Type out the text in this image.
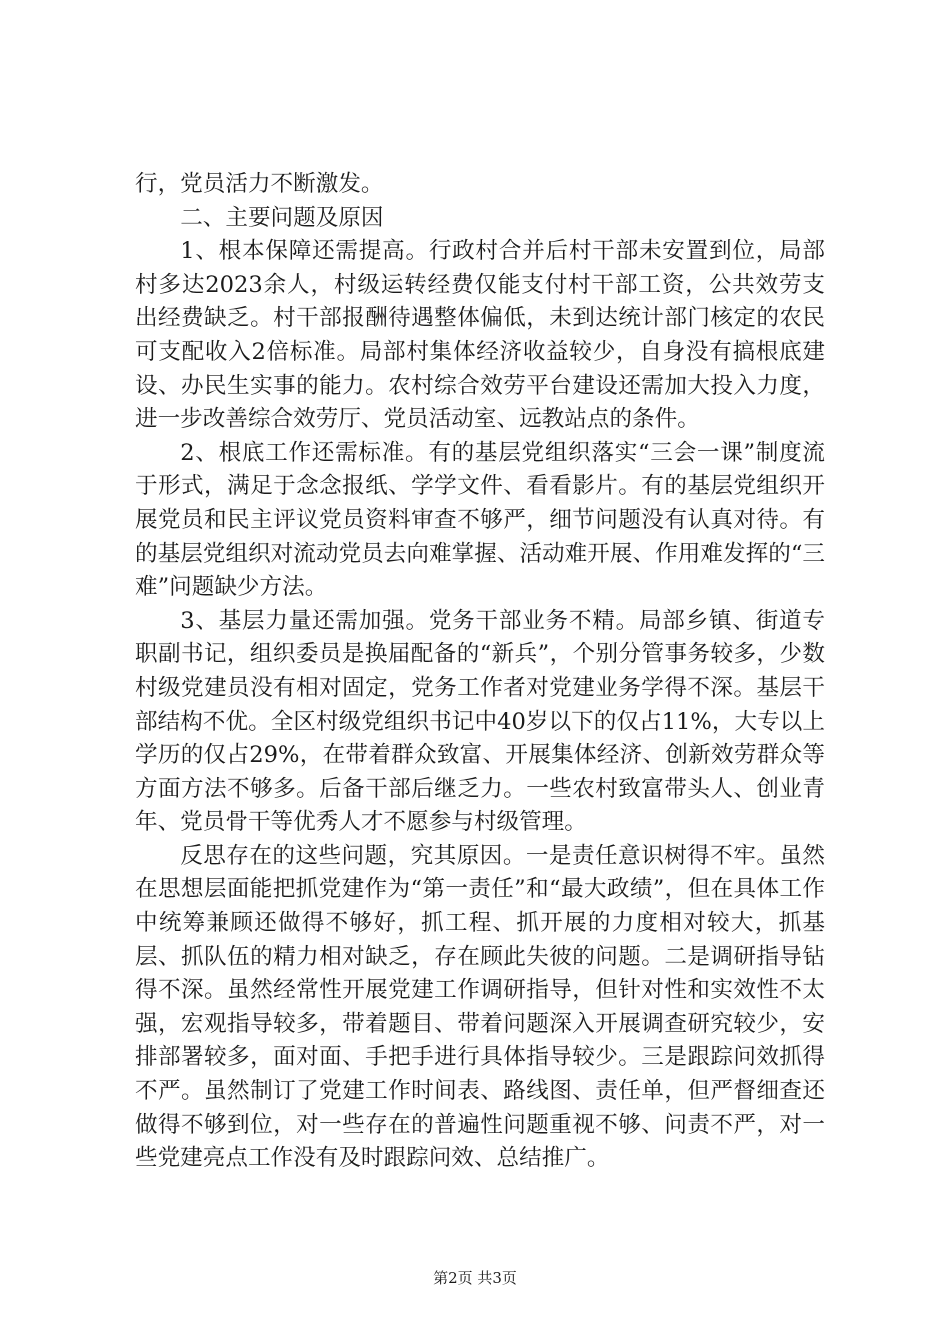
行，党员活力不断激发。

二、主要问题及原因

1、根本保障还需提高。行政村合并后村干部未安置到位，局部村多达2023余人，村级运转经费仅能支付村干部工资，公共效劳支出经费缺乏。村干部报酬待遇整体偏低，未到达统计部门核定的农民可支配收入2倍标准。局部村集体经济收益较少，自身没有搞根底建设、办民生实事的能力。农村综合效劳平台建设还需加大投入力度，进一步改善综合效劳厅、党员活动室、远教站点的条件。

2、根底工作还需标准。有的基层党组织落实“三会一课”制度流于形式，满足于念念报纸、学学文件、看看影片。有的基层党组织开展党员和民主评议党员资料审查不够严，细节问题没有认真对待。有的基层党组织对流动党员去向难掌握、活动难开展、作用难发挥的“三难”问题缺少方法。

3、基层力量还需加强。党务干部业务不精。局部乡镇、街道专职副书记，组织委员是换届配备的“新兵”，个别分管事务较多，少数村级党建员没有相对固定，党务工作者对党建业务学得不深。基层干部结构不优。全区村级党组织书记中40岁以下的仅占11%，大专以上学历的仅占29%，在带着群众致富、开展集体经济、创新效劳群众等方面方法不够多。后备干部后继乏力。一些农村致富带头人、创业青年、党员骨干等优秀人才不愿参与村级管理。

反思存在的这些问题，究其原因。一是责任意识树得不牢。虽然在思想层面能把抓党建作为“第一责任”和“最大政绩”，但在具体工作中统筹兼顾还做得不够好，抓工程、抓开展的力度相对较大，抓基层、抓队伍的精力相对缺乏，存在顾此失彼的问题。二是调研指导钻得不深。虽然经常性开展党建工作调研指导，但针对性和实效性不太强，宏观指导较多，带着题目、带着问题深入开展调查研究较少，安排部署较多，面对面、手把手进行具体指导较少。三是跟踪问效抓得不严。虽然制订了党建工作时间表、路线图、责任单，但严督细查还做得不够到位，对一些存在的普遍性问题重视不够、问责不严，对一些党建亮点工作没有及时跟踪问效、总结推广。

第2页 共3页
